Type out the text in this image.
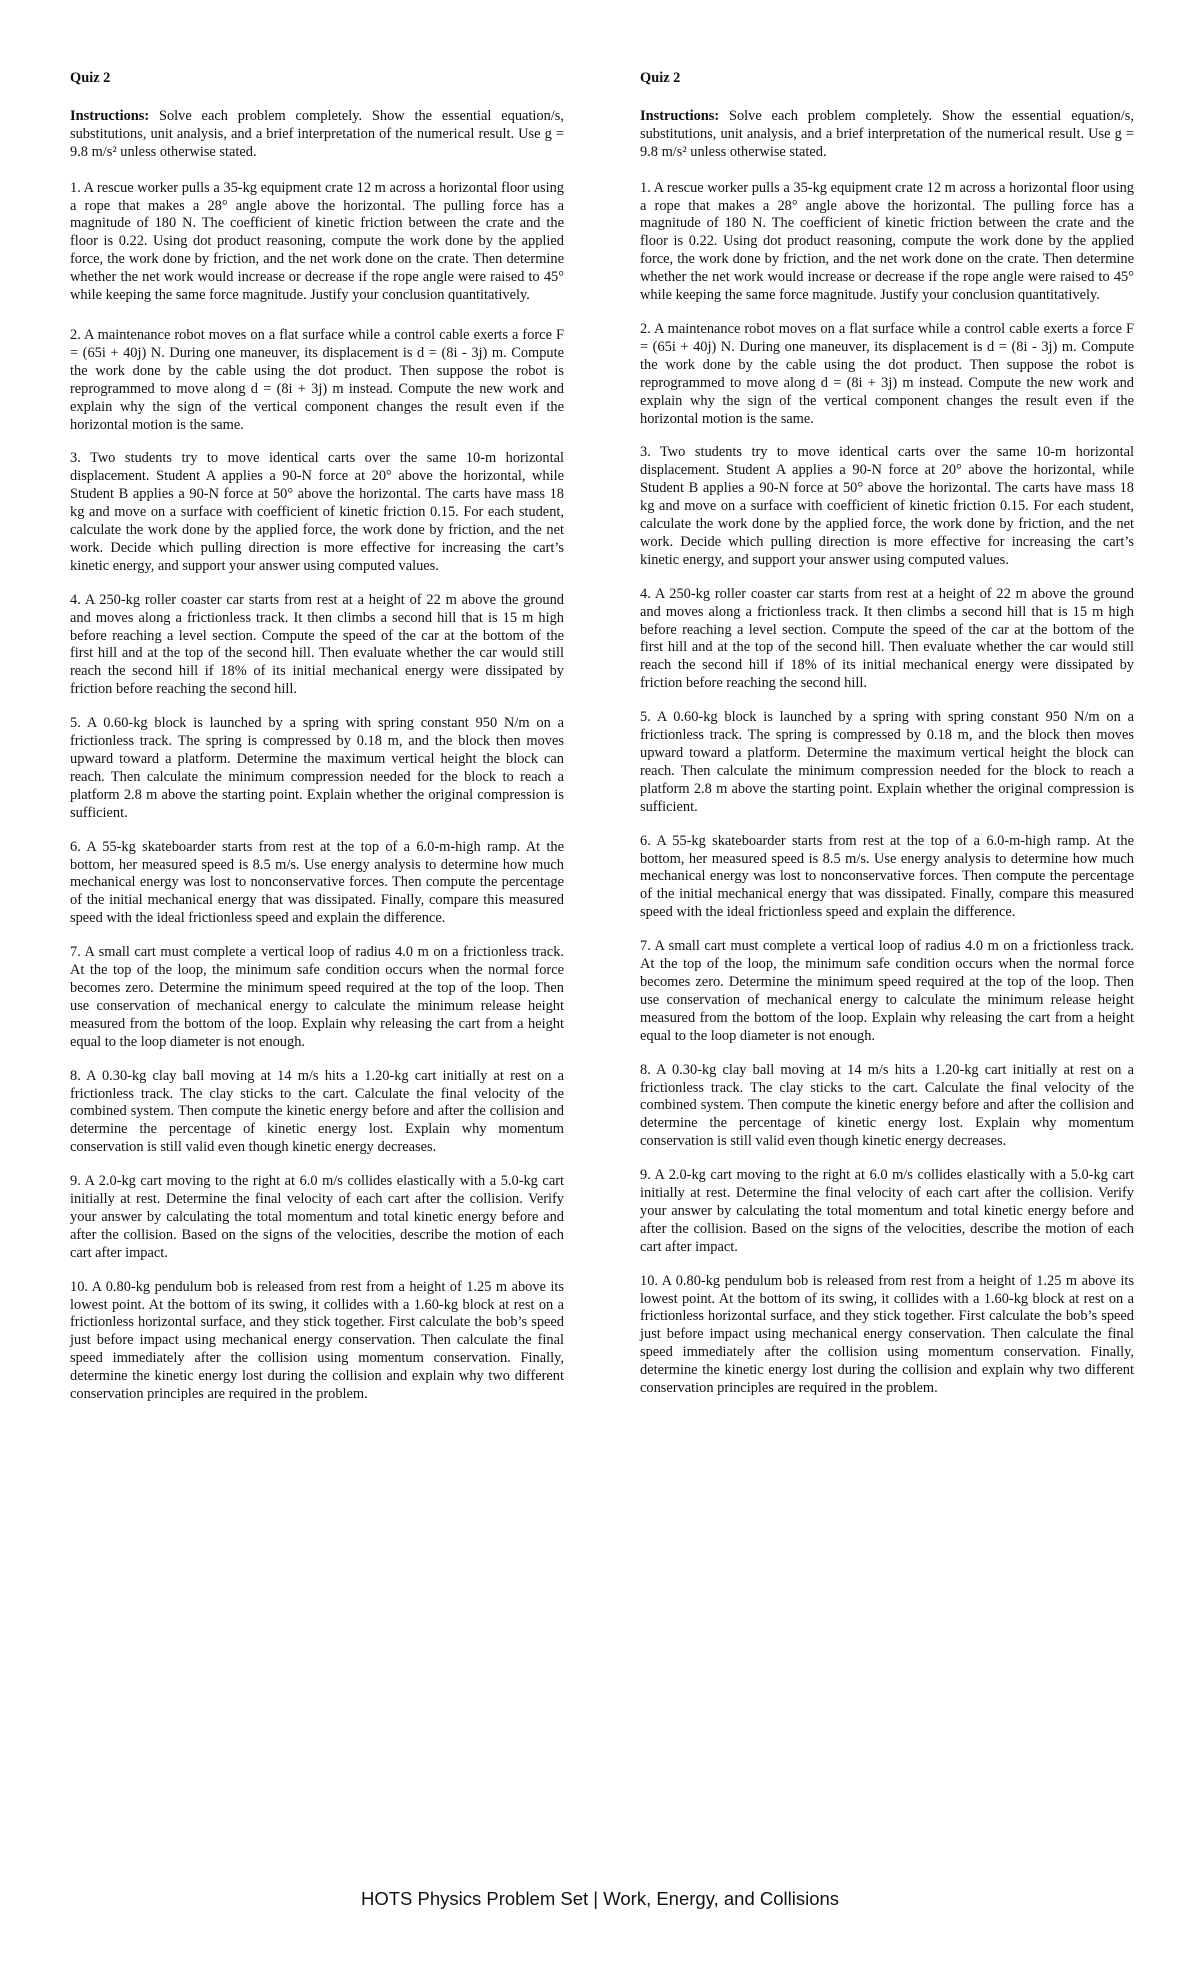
Quiz 2
Instructions: Solve each problem completely. Show the essential equation/s, substitutions, unit analysis, and a brief interpretation of the numerical result. Use g = 9.8 m/s² unless otherwise stated.
1. A rescue worker pulls a 35-kg equipment crate 12 m across a horizontal floor using a rope that makes a 28° angle above the horizontal. The pulling force has a magnitude of 180 N. The coefficient of kinetic friction between the crate and the floor is 0.22. Using dot product reasoning, compute the work done by the applied force, the work done by friction, and the net work done on the crate. Then determine whether the net work would increase or decrease if the rope angle were raised to 45° while keeping the same force magnitude. Justify your conclusion quantitatively.
2. A maintenance robot moves on a flat surface while a control cable exerts a force F = (65i + 40j) N. During one maneuver, its displacement is d = (8i - 3j) m. Compute the work done by the cable using the dot product. Then suppose the robot is reprogrammed to move along d = (8i + 3j) m instead. Compute the new work and explain why the sign of the vertical component changes the result even if the horizontal motion is the same.
3. Two students try to move identical carts over the same 10-m horizontal displacement. Student A applies a 90-N force at 20° above the horizontal, while Student B applies a 90-N force at 50° above the horizontal. The carts have mass 18 kg and move on a surface with coefficient of kinetic friction 0.15. For each student, calculate the work done by the applied force, the work done by friction, and the net work. Decide which pulling direction is more effective for increasing the cart’s kinetic energy, and support your answer using computed values.
4. A 250-kg roller coaster car starts from rest at a height of 22 m above the ground and moves along a frictionless track. It then climbs a second hill that is 15 m high before reaching a level section. Compute the speed of the car at the bottom of the first hill and at the top of the second hill. Then evaluate whether the car would still reach the second hill if 18% of its initial mechanical energy were dissipated by friction before reaching the second hill.
5. A 0.60-kg block is launched by a spring with spring constant 950 N/m on a frictionless track. The spring is compressed by 0.18 m, and the block then moves upward toward a platform. Determine the maximum vertical height the block can reach. Then calculate the minimum compression needed for the block to reach a platform 2.8 m above the starting point. Explain whether the original compression is sufficient.
6. A 55-kg skateboarder starts from rest at the top of a 6.0-m-high ramp. At the bottom, her measured speed is 8.5 m/s. Use energy analysis to determine how much mechanical energy was lost to nonconservative forces. Then compute the percentage of the initial mechanical energy that was dissipated. Finally, compare this measured speed with the ideal frictionless speed and explain the difference.
7. A small cart must complete a vertical loop of radius 4.0 m on a frictionless track. At the top of the loop, the minimum safe condition occurs when the normal force becomes zero. Determine the minimum speed required at the top of the loop. Then use conservation of mechanical energy to calculate the minimum release height measured from the bottom of the loop. Explain why releasing the cart from a height equal to the loop diameter is not enough.
8. A 0.30-kg clay ball moving at 14 m/s hits a 1.20-kg cart initially at rest on a frictionless track. The clay sticks to the cart. Calculate the final velocity of the combined system. Then compute the kinetic energy before and after the collision and determine the percentage of kinetic energy lost. Explain why momentum conservation is still valid even though kinetic energy decreases.
9. A 2.0-kg cart moving to the right at 6.0 m/s collides elastically with a 5.0-kg cart initially at rest. Determine the final velocity of each cart after the collision. Verify your answer by calculating the total momentum and total kinetic energy before and after the collision. Based on the signs of the velocities, describe the motion of each cart after impact.
10. A 0.80-kg pendulum bob is released from rest from a height of 1.25 m above its lowest point. At the bottom of its swing, it collides with a 1.60-kg block at rest on a frictionless horizontal surface, and they stick together. First calculate the bob’s speed just before impact using mechanical energy conservation. Then calculate the final speed immediately after the collision using momentum conservation. Finally, determine the kinetic energy lost during the collision and explain why two different conservation principles are required in the problem.
Quiz 2
Instructions: Solve each problem completely. Show the essential equation/s, substitutions, unit analysis, and a brief interpretation of the numerical result. Use g = 9.8 m/s² unless otherwise stated.
1. A rescue worker pulls a 35-kg equipment crate 12 m across a horizontal floor using a rope that makes a 28° angle above the horizontal. The pulling force has a magnitude of 180 N. The coefficient of kinetic friction between the crate and the floor is 0.22. Using dot product reasoning, compute the work done by the applied force, the work done by friction, and the net work done on the crate. Then determine whether the net work would increase or decrease if the rope angle were raised to 45° while keeping the same force magnitude. Justify your conclusion quantitatively.
2. A maintenance robot moves on a flat surface while a control cable exerts a force F = (65i + 40j) N. During one maneuver, its displacement is d = (8i - 3j) m. Compute the work done by the cable using the dot product. Then suppose the robot is reprogrammed to move along d = (8i + 3j) m instead. Compute the new work and explain why the sign of the vertical component changes the result even if the horizontal motion is the same.
3. Two students try to move identical carts over the same 10-m horizontal displacement. Student A applies a 90-N force at 20° above the horizontal, while Student B applies a 90-N force at 50° above the horizontal. The carts have mass 18 kg and move on a surface with coefficient of kinetic friction 0.15. For each student, calculate the work done by the applied force, the work done by friction, and the net work. Decide which pulling direction is more effective for increasing the cart’s kinetic energy, and support your answer using computed values.
4. A 250-kg roller coaster car starts from rest at a height of 22 m above the ground and moves along a frictionless track. It then climbs a second hill that is 15 m high before reaching a level section. Compute the speed of the car at the bottom of the first hill and at the top of the second hill. Then evaluate whether the car would still reach the second hill if 18% of its initial mechanical energy were dissipated by friction before reaching the second hill.
5. A 0.60-kg block is launched by a spring with spring constant 950 N/m on a frictionless track. The spring is compressed by 0.18 m, and the block then moves upward toward a platform. Determine the maximum vertical height the block can reach. Then calculate the minimum compression needed for the block to reach a platform 2.8 m above the starting point. Explain whether the original compression is sufficient.
6. A 55-kg skateboarder starts from rest at the top of a 6.0-m-high ramp. At the bottom, her measured speed is 8.5 m/s. Use energy analysis to determine how much mechanical energy was lost to nonconservative forces. Then compute the percentage of the initial mechanical energy that was dissipated. Finally, compare this measured speed with the ideal frictionless speed and explain the difference.
7. A small cart must complete a vertical loop of radius 4.0 m on a frictionless track. At the top of the loop, the minimum safe condition occurs when the normal force becomes zero. Determine the minimum speed required at the top of the loop. Then use conservation of mechanical energy to calculate the minimum release height measured from the bottom of the loop. Explain why releasing the cart from a height equal to the loop diameter is not enough.
8. A 0.30-kg clay ball moving at 14 m/s hits a 1.20-kg cart initially at rest on a frictionless track. The clay sticks to the cart. Calculate the final velocity of the combined system. Then compute the kinetic energy before and after the collision and determine the percentage of kinetic energy lost. Explain why momentum conservation is still valid even though kinetic energy decreases.
9. A 2.0-kg cart moving to the right at 6.0 m/s collides elastically with a 5.0-kg cart initially at rest. Determine the final velocity of each cart after the collision. Verify your answer by calculating the total momentum and total kinetic energy before and after the collision. Based on the signs of the velocities, describe the motion of each cart after impact.
10. A 0.80-kg pendulum bob is released from rest from a height of 1.25 m above its lowest point. At the bottom of its swing, it collides with a 1.60-kg block at rest on a frictionless horizontal surface, and they stick together. First calculate the bob’s speed just before impact using mechanical energy conservation. Then calculate the final speed immediately after the collision using momentum conservation. Finally, determine the kinetic energy lost during the collision and explain why two different conservation principles are required in the problem.
HOTS Physics Problem Set | Work, Energy, and Collisions
